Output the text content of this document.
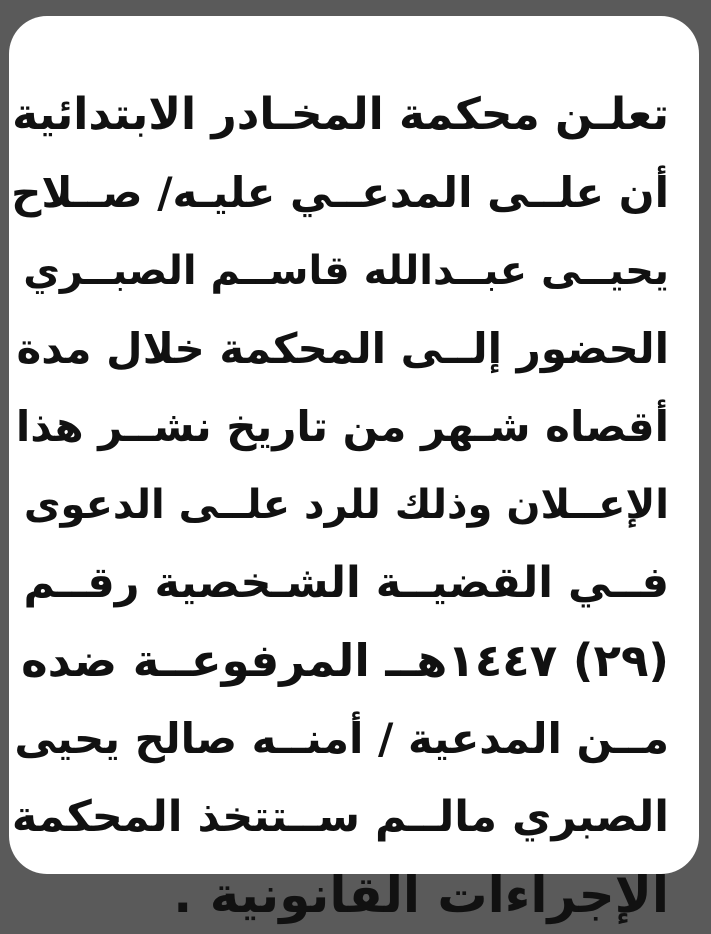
تعلـن محكمة المخـادر الابتدائية
أن علــى المدعــي عليـه/ صــلاح
يحيــى عبــدالله قاســم الصبــري
الحضور إلــى المحكمة خلال مدة
أقصاه شـهر من تاريخ نشــر هذا
الإعــلان وذلك للرد علــى الدعوى
فــي القضيــة الشـخصية رقــم
(٢٩) ١٤٤٧هــ المرفوعــة ضده
مــن المدعية / أمنــه صالح يحيى
الصبري مالــم ســتتخذ المحكمة
الإجراءات القانونية .
